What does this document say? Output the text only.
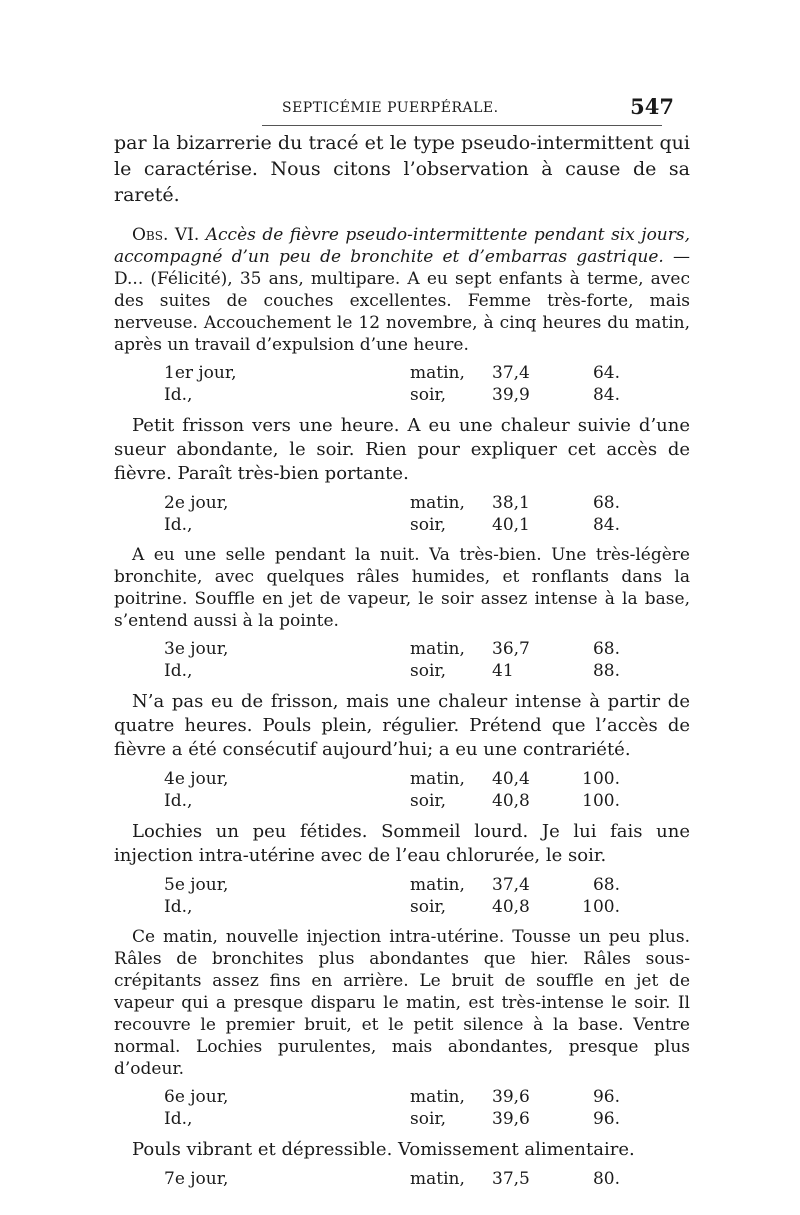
SEPTICÉMIE PUERPÉRALE.	547

par la bizarrerie du tracé et le type pseudo-intermittent qui le caractérise. Nous citons l’observation à cause de sa rareté.

Obs. VI. Accès de fièvre pseudo-intermittente pendant six jours, accompagné d’un peu de bronchite et d’embarras gastrique. — D... (Félicité), 35 ans, multipare. A eu sept enfants à terme, avec des suites de couches excellentes. Femme très-forte, mais nerveuse. Accouchement le 12 novembre, à cinq heures du matin, après un travail d’expulsion d’une heure.

1er jour,		matin,	37,4	64.
Id.,		soir,	39,9	84.

Petit frisson vers une heure. A eu une chaleur suivie d’une sueur abondante, le soir. Rien pour expliquer cet accès de fièvre. Paraît très-bien portante.

2e jour,		matin,	38,1	68.
Id.,		soir,	40,1	84.

A eu une selle pendant la nuit. Va très-bien. Une très-légère bronchite, avec quelques râles humides, et ronflants dans la poitrine. Souffle en jet de vapeur, le soir assez intense à la base, s’entend aussi à la pointe.

3e jour,		matin,	36,7	68.
Id.,		soir,	41	88.

N’a pas eu de frisson, mais une chaleur intense à partir de quatre heures. Pouls plein, régulier. Prétend que l’accès de fièvre a été consécutif aujourd’hui; a eu une contrariété.

4e jour,		matin,	40,4	100.
Id.,		soir,	40,8	100.

Lochies un peu fétides. Sommeil lourd. Je lui fais une injection intra-utérine avec de l’eau chlorurée, le soir.

5e jour,		matin,	37,4	68.
Id.,		soir,	40,8	100.

Ce matin, nouvelle injection intra-utérine. Tousse un peu plus. Râles de bronchites plus abondantes que hier. Râles sous-crépitants assez fins en arrière. Le bruit de souffle en jet de vapeur qui a presque disparu le matin, est très-intense le soir. Il recouvre le premier bruit, et le petit silence à la base. Ventre normal. Lochies purulentes, mais abondantes, presque plus d’odeur.

6e jour,		matin,	39,6	96.
Id.,		soir,	39,6	96.

Pouls vibrant et dépressible. Vomissement alimentaire.

7e jour,		matin,	37,5	80.
